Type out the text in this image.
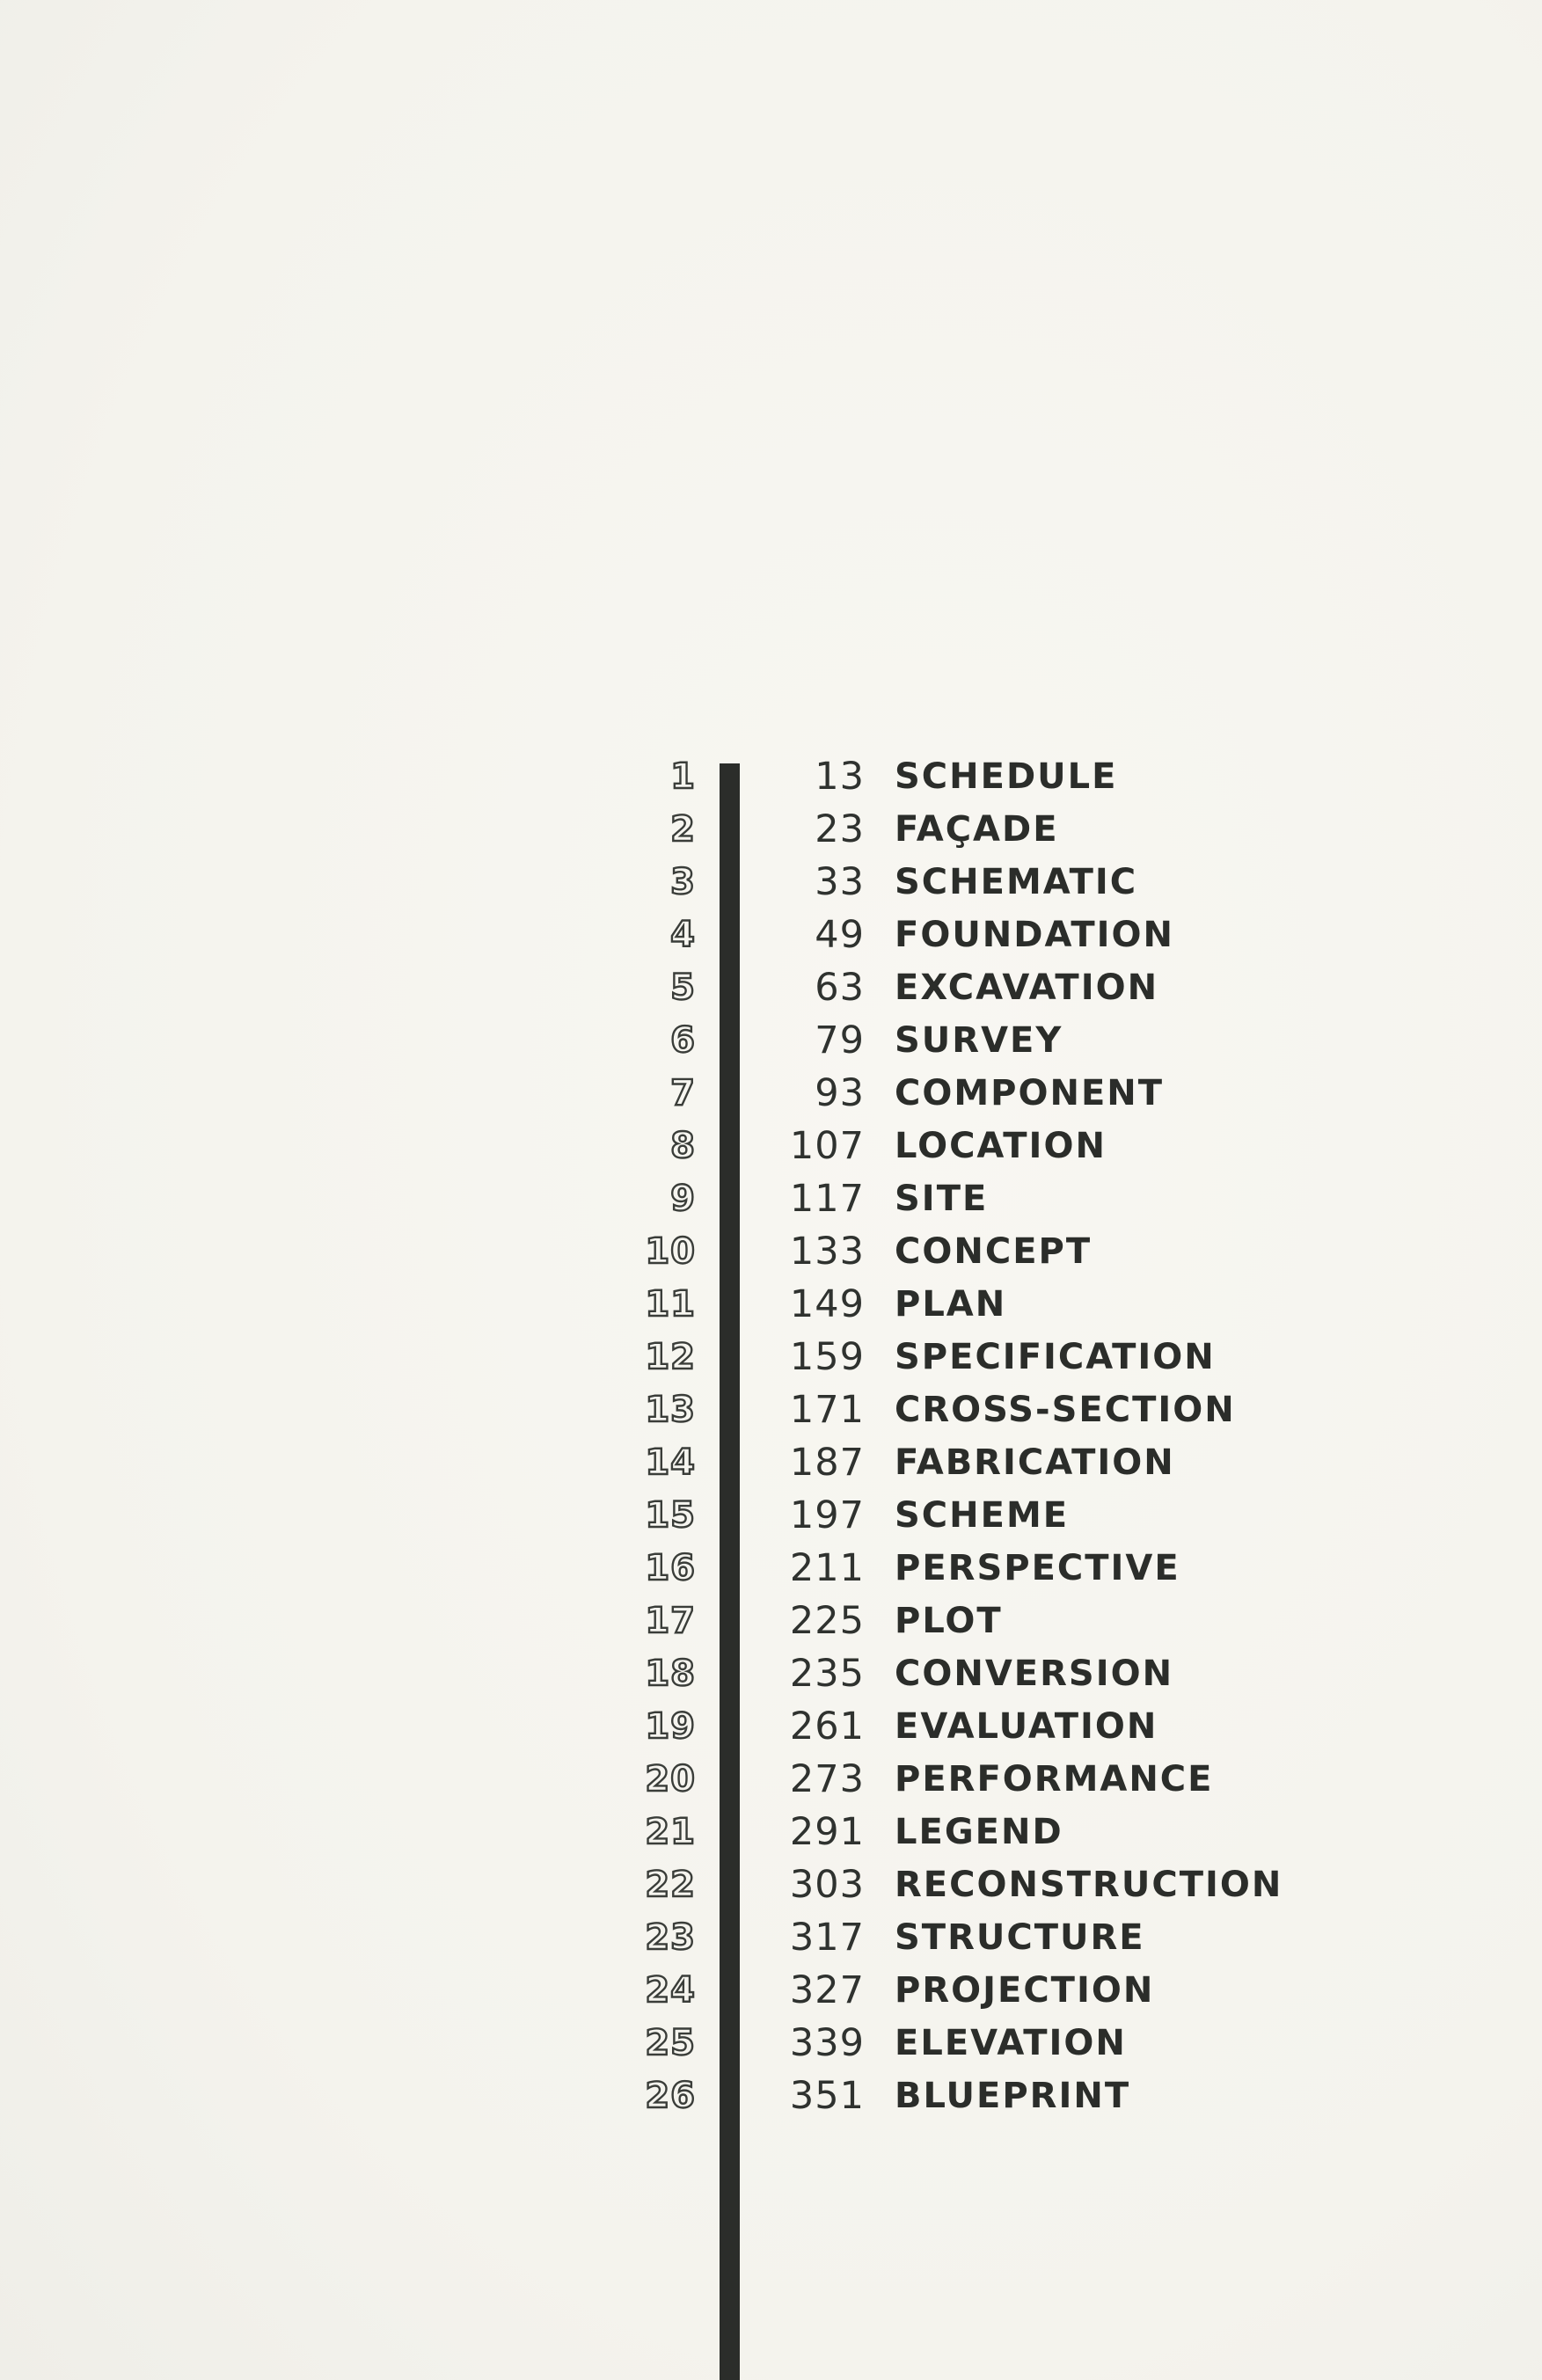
1	13 SCHEDULE
2	23 FAÇADE
3	33 SCHEMATIC
4	49 FOUNDATION
5	63 EXCAVATION
6	79 SURVEY
7	93 COMPONENT
8 107 LOCATION
9 117 SITE
10 133 CONCEPT
11 149 PLAN
12 159 SPECIFICATION
13 171 CROSS-SECTION
14 187 FABRICATION
15 197 SCHEME
16 211 PERSPECTIVE
17 225 PLOT
18 235 CONVERSION
19 261 EVALUATION
20 273 PERFORMANCE
21 291 LEGEND
22 303 RECONSTRUCTION
23 317 STRUCTURE
24 327 PROJECTION
25 339 ELEVATION
26 351 BLUEPRINT
